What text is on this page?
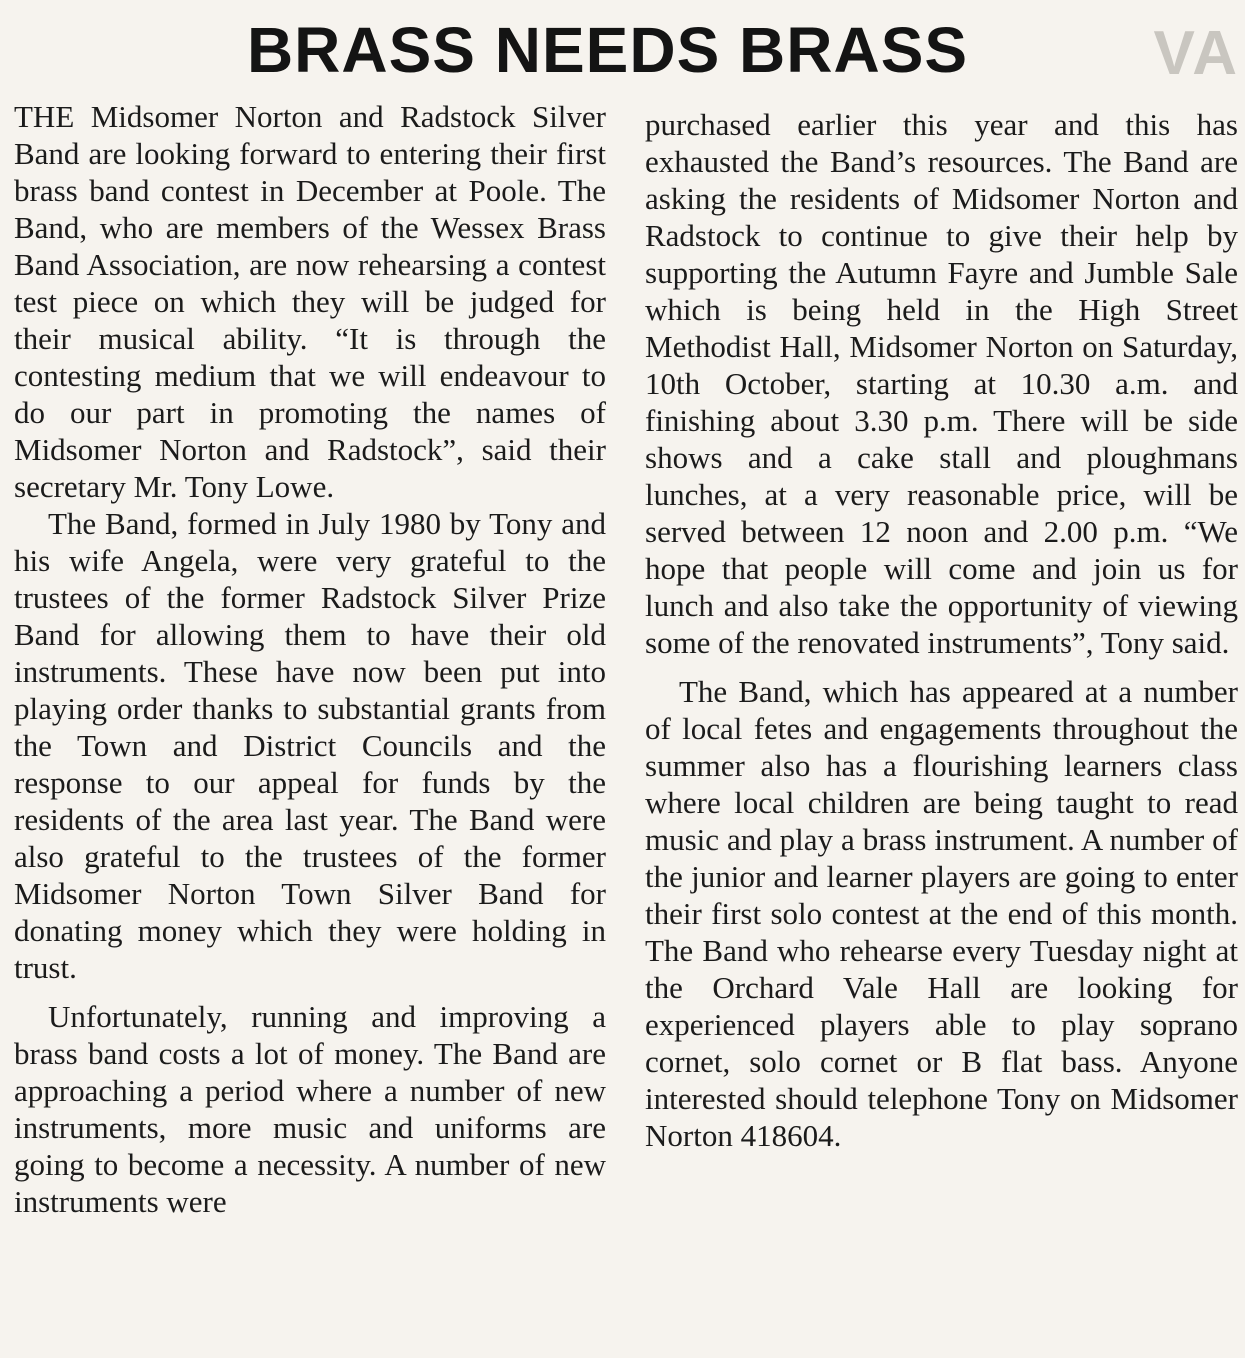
VA
BRASS NEEDS BRASS

THE Midsomer Norton and Radstock Silver Band are looking forward to entering their first brass band contest in December at Poole. The Band, who are members of the Wessex Brass Band Association, are now rehearsing a contest test piece on which they will be judged for their musical ability. “It is through the contesting medium that we will endeavour to do our part in promoting the names of Midsomer Norton and Radstock”, said their secretary Mr. Tony Lowe.

The Band, formed in July 1980 by Tony and his wife Angela, were very grateful to the trustees of the former Radstock Silver Prize Band for allowing them to have their old instruments. These have now been put into playing order thanks to substantial grants from the Town and District Councils and the response to our appeal for funds by the residents of the area last year. The Band were also grateful to the trustees of the former Midsomer Norton Town Silver Band for donating money which they were holding in trust.

Unfortunately, running and improving a brass band costs a lot of money. The Band are approaching a period where a number of new instruments, more music and uniforms are going to become a necessity. A number of new instruments were

purchased earlier this year and this has exhausted the Band’s resources. The Band are asking the residents of Midsomer Norton and Radstock to continue to give their help by supporting the Autumn Fayre and Jumble Sale which is being held in the High Street Methodist Hall, Midsomer Norton on Saturday, 10th October, starting at 10.30 a.m. and finishing about 3.30 p.m. There will be side shows and a cake stall and ploughmans lunches, at a very reasonable price, will be served between 12 noon and 2.00 p.m. “We hope that people will come and join us for lunch and also take the opportunity of viewing some of the renovated instruments”, Tony said.

The Band, which has appeared at a number of local fetes and engagements throughout the summer also has a flourishing learners class where local children are being taught to read music and play a brass instrument. A number of the junior and learner players are going to enter their first solo contest at the end of this month. The Band who rehearse every Tuesday night at the Orchard Vale Hall are looking for experienced players able to play soprano cornet, solo cornet or B flat bass. Anyone interested should telephone Tony on Midsomer Norton 418604.
